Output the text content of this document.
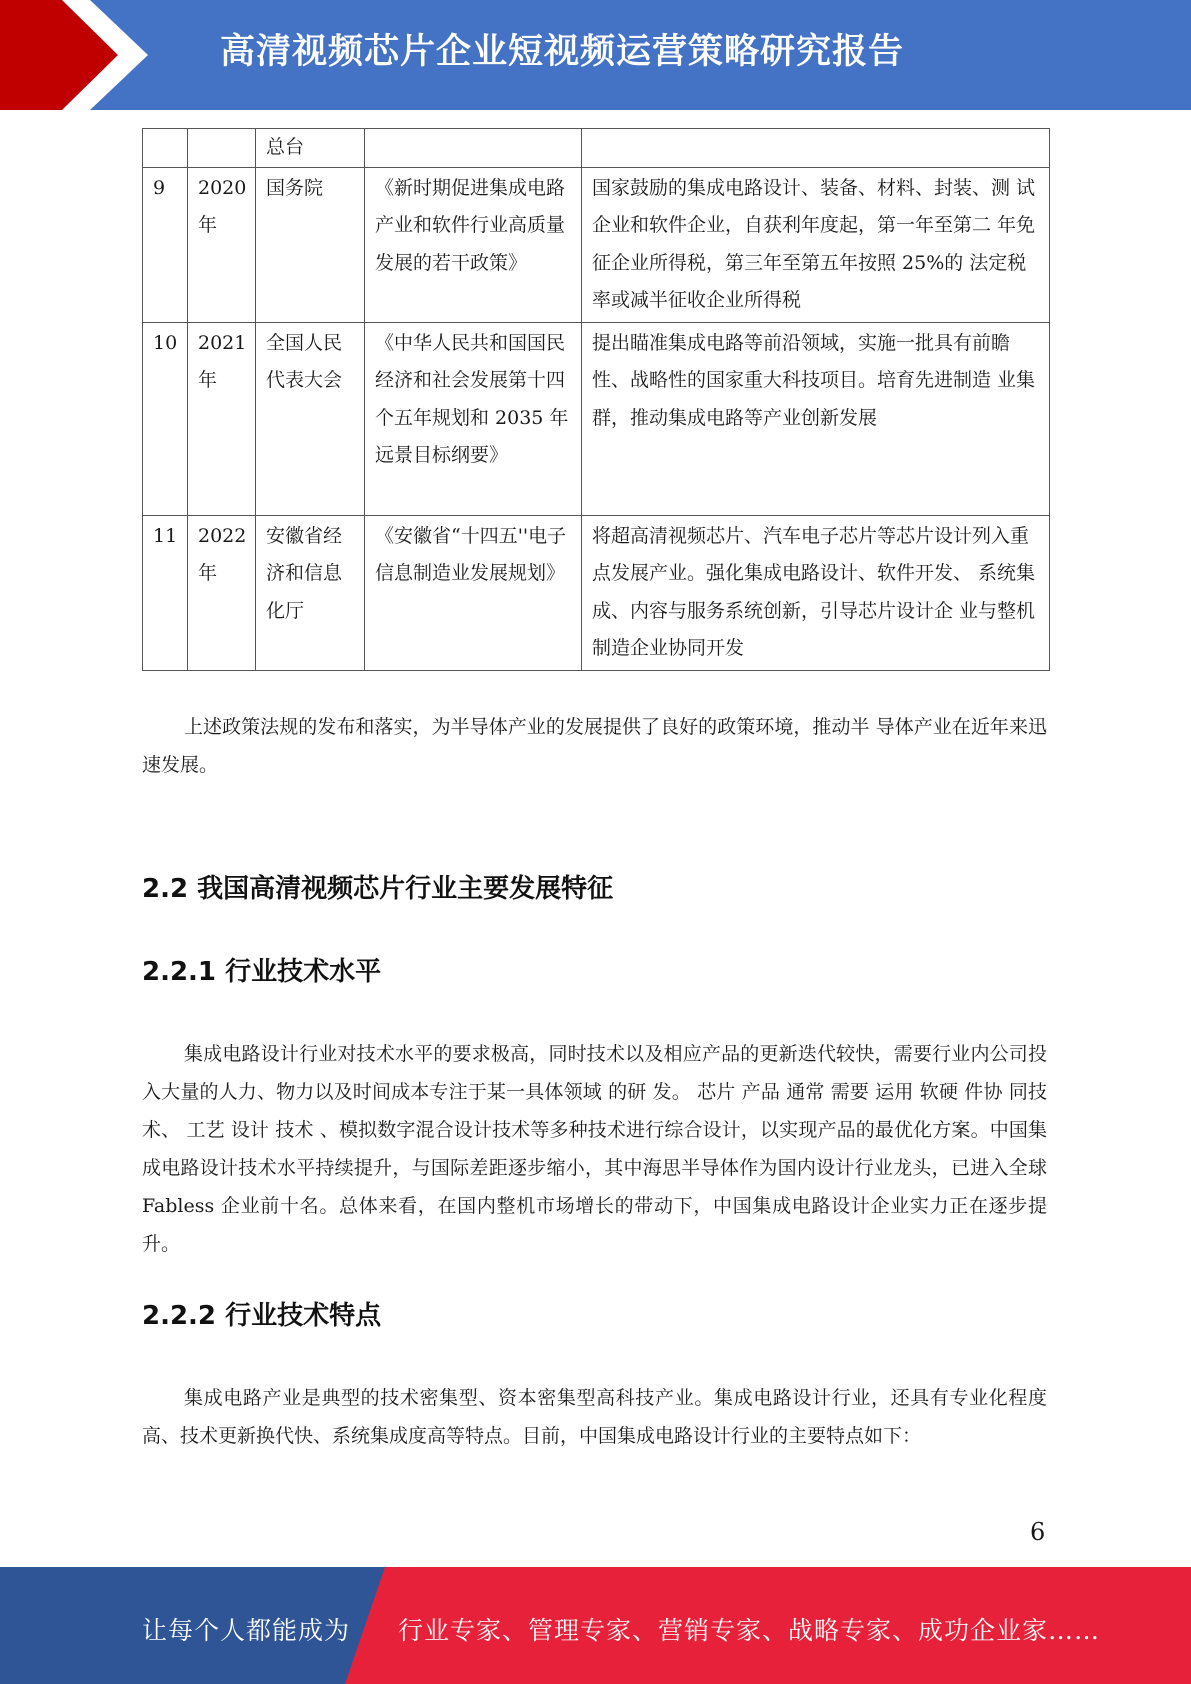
高清视频芯片企业短视频运营策略研究报告
		总台		
9	2020年	国务院	《新时期促进集成电路产业和软件行业高质量发展的若干政策》	国家鼓励的集成电路设计、装备、材料、封装、测 试企业和软件企业，自获利年度起，第一年至第二 年免征企业所得税，第三年至第五年按照 25%的 法定税率或减半征收企业所得税
10	2021年	全国人民代表大会	《中华人民共和国国民经济和社会发展第十四个五年规划和 2035 年远景目标纲要》	提出瞄准集成电路等前沿领域，实施一批具有前瞻性、战略性的国家重大科技项目。培育先进制造 业集群，推动集成电路等产业创新发展
11	2022年	安徽省经济和信息化厅	《安徽省“十四五''电子信息制造业发展规划》	将超高清视频芯片、汽车电子芯片等芯片设计列入重点发展产业。强化集成电路设计、软件开发、 系统集成、内容与服务系统创新，引导芯片设计企 业与整机制造企业协同开发

上述政策法规的发布和落实，为半导体产业的发展提供了良好的政策环境，推动半 导体产业在近年来迅速发展。

2.2 我国高清视频芯片行业主要发展特征
2.2.1 行业技术水平

集成电路设计行业对技术水平的要求极高，同时技术以及相应产品的更新迭代较快，需要行业内公司投入大量的人力、物力以及时间成本专注于某一具体领域 的研 发。 芯片 产品 通常 需要 运用 软硬 件协 同技 术、 工艺 设计 技术 、模拟数字混合设计技术等多种技术进行综合设计，以实现产品的最优化方案。中国集成电路设计技术水平持续提升，与国际差距逐步缩小，其中海思半导体作为国内设计行业龙头，已进入全球 Fabless 企业前十名。总体来看，在国内整机市场增长的带动下，中国集成电路设计企业实力正在逐步提升。

2.2.2 行业技术特点

集成电路产业是典型的技术密集型、资本密集型高科技产业。集成电路设计行业，还具有专业化程度高、技术更新换代快、系统集成度高等特点。目前，中国集成电路设计行业的主要特点如下：

6
让每个人都能成为 行业专家、管理专家、营销专家、战略专家、成功企业家……
